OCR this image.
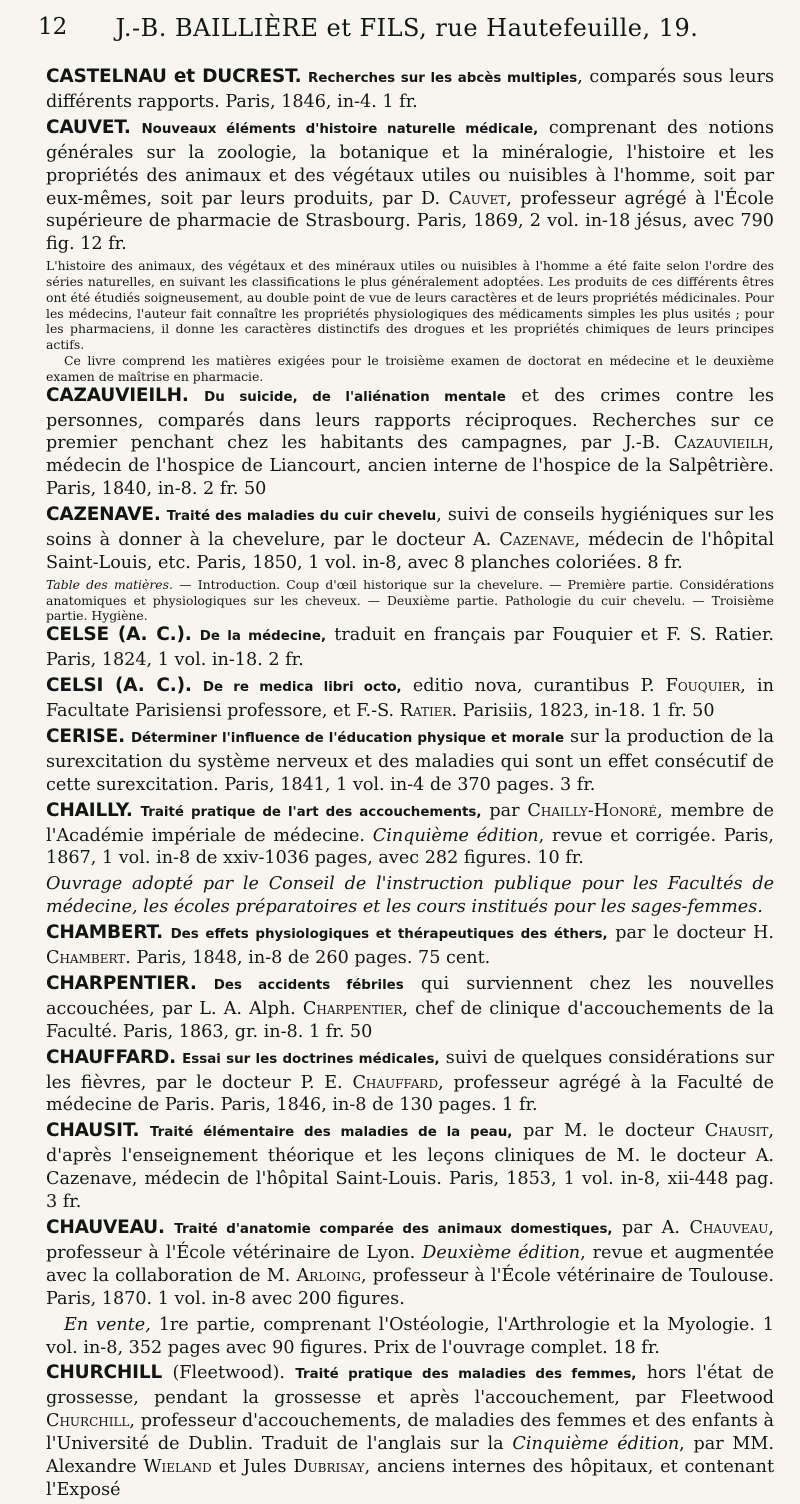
12	J.-B. BAILLIÈRE et FILS, rue Hautefeuille, 19.

CASTELNAU et DUCREST. Recherches sur les abcès multiples, comparés sous leurs différents rapports. Paris, 1846, in-4. 1 fr.

CAUVET. Nouveaux éléments d'histoire naturelle médicale, comprenant des notions générales sur la zoologie, la botanique et la minéralogie, l'histoire et les propriétés des animaux et des végétaux utiles ou nuisibles à l'homme, soit par eux-mêmes, soit par leurs produits, par D. Cauvet, professeur agrégé à l'École supérieure de pharmacie de Strasbourg. Paris, 1869, 2 vol. in-18 jésus, avec 790 fig. 12 fr.

L'histoire des animaux, des végétaux et des minéraux utiles ou nuisibles à l'homme a été faite selon l'ordre des séries naturelles, en suivant les classifications le plus généralement adoptées. Les produits de ces différents êtres ont été étudiés soigneusement, au double point de vue de leurs caractères et de leurs propriétés médicinales. Pour les médecins, l'auteur fait connaître les propriétés physiologiques des médicaments simples les plus usités ; pour les pharmaciens, il donne les caractères distinctifs des drogues et les propriétés chimiques de leurs principes actifs.

Ce livre comprend les matières exigées pour le troisième examen de doctorat en médecine et le deuxième examen de maîtrise en pharmacie.

CAZAUVIEILH. Du suicide, de l'aliénation mentale et des crimes contre les personnes, comparés dans leurs rapports réciproques. Recherches sur ce premier penchant chez les habitants des campagnes, par J.-B. Cazauvieilh, médecin de l'hospice de Liancourt, ancien interne de l'hospice de la Salpêtrière. Paris, 1840, in-8. 2 fr. 50

CAZENAVE. Traité des maladies du cuir chevelu, suivi de conseils hygiéniques sur les soins à donner à la chevelure, par le docteur A. Cazenave, médecin de l'hôpital Saint-Louis, etc. Paris, 1850, 1 vol. in-8, avec 8 planches coloriées. 8 fr.

Table des matières. — Introduction. Coup d'œil historique sur la chevelure. — Première partie. Considérations anatomiques et physiologiques sur les cheveux. — Deuxième partie. Pathologie du cuir chevelu. — Troisième partie. Hygiène.

CELSE (A. C.). De la médecine, traduit en français par Fouquier et F. S. Ratier. Paris, 1824, 1 vol. in-18. 2 fr.

CELSI (A. C.). De re medica libri octo, editio nova, curantibus P. Fouquier, in Facultate Parisiensi professore, et F.-S. Ratier. Parisiis, 1823, in-18. 1 fr. 50

CERISE. Déterminer l'influence de l'éducation physique et morale sur la production de la surexcitation du système nerveux et des maladies qui sont un effet consécutif de cette surexcitation. Paris, 1841, 1 vol. in-4 de 370 pages. 3 fr.

CHAILLY. Traité pratique de l'art des accouchements, par Chailly-Honoré, membre de l'Académie impériale de médecine. Cinquième édition, revue et corrigée. Paris, 1867, 1 vol. in-8 de xxiv-1036 pages, avec 282 figures. 10 fr.

Ouvrage adopté par le Conseil de l'instruction publique pour les Facultés de médecine, les écoles préparatoires et les cours institués pour les sages-femmes.

CHAMBERT. Des effets physiologiques et thérapeutiques des éthers, par le docteur H. Chambert. Paris, 1848, in-8 de 260 pages. 75 cent.

CHARPENTIER. Des accidents fébriles qui surviennent chez les nouvelles accouchées, par L. A. Alph. Charpentier, chef de clinique d'accouchements de la Faculté. Paris, 1863, gr. in-8. 1 fr. 50

CHAUFFARD. Essai sur les doctrines médicales, suivi de quelques considérations sur les fièvres, par le docteur P. E. Chauffard, professeur agrégé à la Faculté de médecine de Paris. Paris, 1846, in-8 de 130 pages. 1 fr.

CHAUSIT. Traité élémentaire des maladies de la peau, par M. le docteur Chausit, d'après l'enseignement théorique et les leçons cliniques de M. le docteur A. Cazenave, médecin de l'hôpital Saint-Louis. Paris, 1853, 1 vol. in-8, xii-448 pag. 3 fr.

CHAUVEAU. Traité d'anatomie comparée des animaux domestiques, par A. Chauveau, professeur à l'École vétérinaire de Lyon. Deuxième édition, revue et augmentée avec la collaboration de M. Arloing, professeur à l'École vétérinaire de Toulouse. Paris, 1870. 1 vol. in-8 avec 200 figures.

En vente, 1re partie, comprenant l'Ostéologie, l'Arthrologie et la Myologie. 1 vol. in-8, 352 pages avec 90 figures. Prix de l'ouvrage complet. 18 fr.

CHURCHILL (Fleetwood). Traité pratique des maladies des femmes, hors l'état de grossesse, pendant la grossesse et après l'accouchement, par Fleetwood Churchill, professeur d'accouchements, de maladies des femmes et des enfants à l'Université de Dublin. Traduit de l'anglais sur la Cinquième édition, par MM. Alexandre Wieland et Jules Dubrisay, anciens internes des hôpitaux, et contenant l'Exposé
